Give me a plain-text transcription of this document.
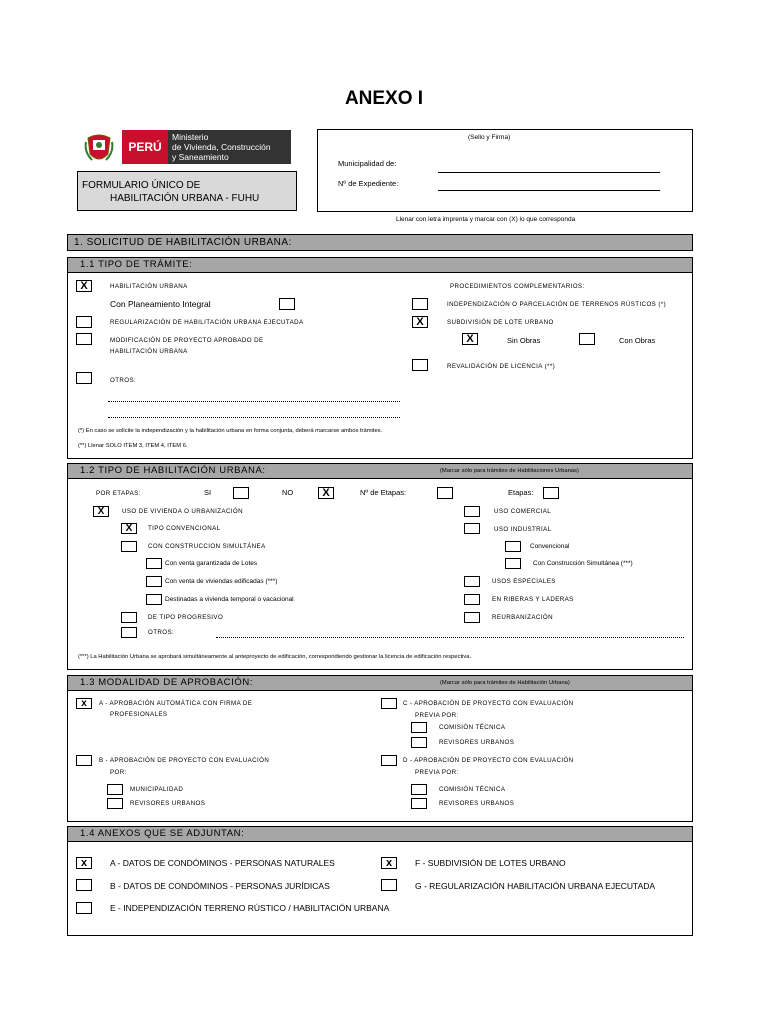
ANEXO I
PERÚ
Ministerio
de Vivienda, Construcción
y Saneamiento
FORMULARIO ÚNICO DE
HABILITACIÓN URBANA - FUHU
(Sello y Firma)
Municipalidad de:
Nº de Expediente:
Llenar con letra imprenta y marcar con (X) lo que corresponda
1. SOLICITUD DE HABILITACIÓN URBANA:
1.1 TIPO DE TRÁMITE:
X	HABILITACIÓN URBANA
Con Planeamiento Integral
REGULARIZACIÓN DE HABILITACIÓN URBANA EJECUTADA
MODIFICACIÓN DE PROYECTO APROBADO DE
HABILITACIÓN URBANA
OTROS:
PROCEDIMIENTOS COMPLEMENTARIOS:
INDEPENDIZACIÓN O PARCELACIÓN DE TERRENOS RÚSTICOS (*)
X	SUBDIVISIÓN DE LOTE URBANO
X	Sin Obras	Con Obras
REVALIDACIÓN DE LICENCIA (**)
(*) En caso se solicite la independización y la habilitación urbana en forma conjunta, deberá marcarse ambos trámites.
(**) Llenar SOLO ITEM 3, ITEM 4, ITEM 6.
1.2 TIPO DE HABILITACIÓN URBANA:	(Marcar sólo para trámites de Habilitaciones Urbanas)
POR ETAPAS:	SI	NO	X	Nº de Etapas:	Etapas:
X	USO DE VIVIENDA O URBANIZACIÓN
X	TIPO CONVENCIONAL
CON CONSTRUCCION SIMULTÁNEA
Con venta garantizada de Lotes
Con venta de viviendas edificadas (***)
Destinadas a vivienda temporal o vacacional
DE TIPO PROGRESIVO
OTROS:
USO COMERCIAL
USO INDUSTRIAL
Convencional
Con Construcción Simultánea (***)
USOS ESPECIALES
EN RIBERAS Y LADERAS
REURBANIZACIÓN
(***) La Habilitación Urbana se aprobará simultáneamente al anteproyecto de edificación, correspondiendo gestionar la licencia de edificación respectiva.
1.3 MODALIDAD DE APROBACIÓN:	(Marcar sólo para trámites de Habilitación Urbana)
x	A - APROBACIÓN AUTOMÁTICA CON FIRMA DE
PROFESIONALES
B - APROBACIÓN DE PROYECTO CON EVALUACIÓN
POR:
MUNICIPALIDAD
REVISORES URBANOS
C - APROBACIÓN DE PROYECTO CON EVALUACIÓN
PREVIA POR:
COMISIÓN TÉCNICA
REVISORES URBANOS
D - APROBACIÓN DE PROYECTO CON EVALUACIÓN
PREVIA POR:
COMISIÓN TÉCNICA
REVISORES URBANOS
1.4 ANEXOS QUE SE ADJUNTAN:
x	A - DATOS DE CONDÓMINOS - PERSONAS NATURALES
B - DATOS DE CONDÓMINOS - PERSONAS JURÍDICAS
E - INDEPENDIZACIÓN TERRENO RÚSTICO / HABILITACIÓN URBANA
x	F - SUBDIVISIÓN DE LOTES URBANO
G - REGULARIZACIÓN HABILITACIÓN URBANA EJECUTADA
